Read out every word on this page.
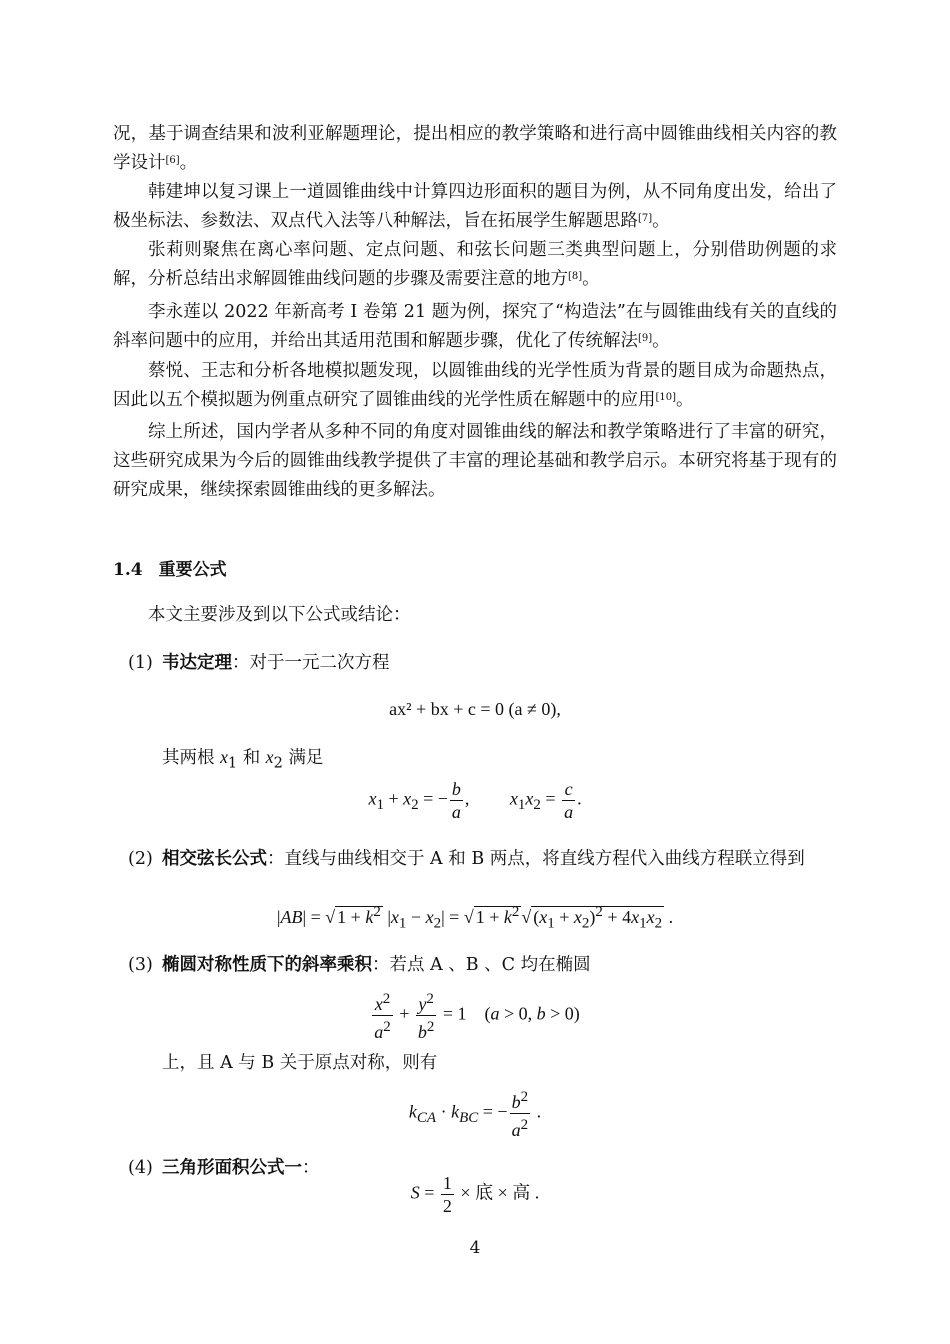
况，基于调查结果和波利亚解题理论，提出相应的教学策略和进行高中圆锥曲线相关内容的教学设计[6]。
韩建坤以复习课上一道圆锥曲线中计算四边形面积的题目为例，从不同角度出发，给出了极坐标法、参数法、双点代入法等八种解法，旨在拓展学生解题思路[7]。
张莉则聚焦在离心率问题、定点问题、和弦长问题三类典型问题上，分别借助例题的求解，分析总结出求解圆锥曲线问题的步骤及需要注意的地方[8]。
李永莲以 2022 年新高考 I 卷第 21 题为例，探究了“构造法”在与圆锥曲线有关的直线的斜率问题中的应用，并给出其适用范围和解题步骤，优化了传统解法[9]。
蔡悦、王志和分析各地模拟题发现，以圆锥曲线的光学性质为背景的题目成为命题热点，因此以五个模拟题为例重点研究了圆锥曲线的光学性质在解题中的应用[10]。
综上所述，国内学者从多种不同的角度对圆锥曲线的解法和教学策略进行了丰富的研究，这些研究成果为今后的圆锥曲线教学提供了丰富的理论基础和教学启示。本研究将基于现有的研究成果，继续探索圆锥曲线的更多解法。
1.4 重要公式
本文主要涉及到以下公式或结论：
(1) 韦达定理：对于一元二次方程
ax² + bx + c = 0 (a ≠ 0),
其两根 $x_1$ 和 $x_2$ 满足
$x_1 + x_2$ = − $\frac{b}{a}$ ,         $x_1x_2 = \frac{c}{a}$ .
(2) 相交弦长公式：直线与曲线相交于 A 和 B 两点，将直线方程代入曲线方程联立得到
|AB| = √ $1 + k^2$ $|x_1 - x_2|$ = √ $1 + k^2$ √ $(x_1 + x_2)^2 + 4x_1x_2$ .
(3) 椭圆对称性质下的斜率乘积：若点 A 、B 、C 均在椭圆
$\frac{x^2}{a^2} + \frac{y^2}{b^2} = 1$    (a > 0, b > 0)
上，且 A 与 B 关于原点对称，则有
$k_{CA} \cdot k_{BC}$ = − $\frac{b^2}{a^2}$ .
(4) 三角形面积公式一：
$S = \frac{1}{2}$ × 底 × 高 .
4
